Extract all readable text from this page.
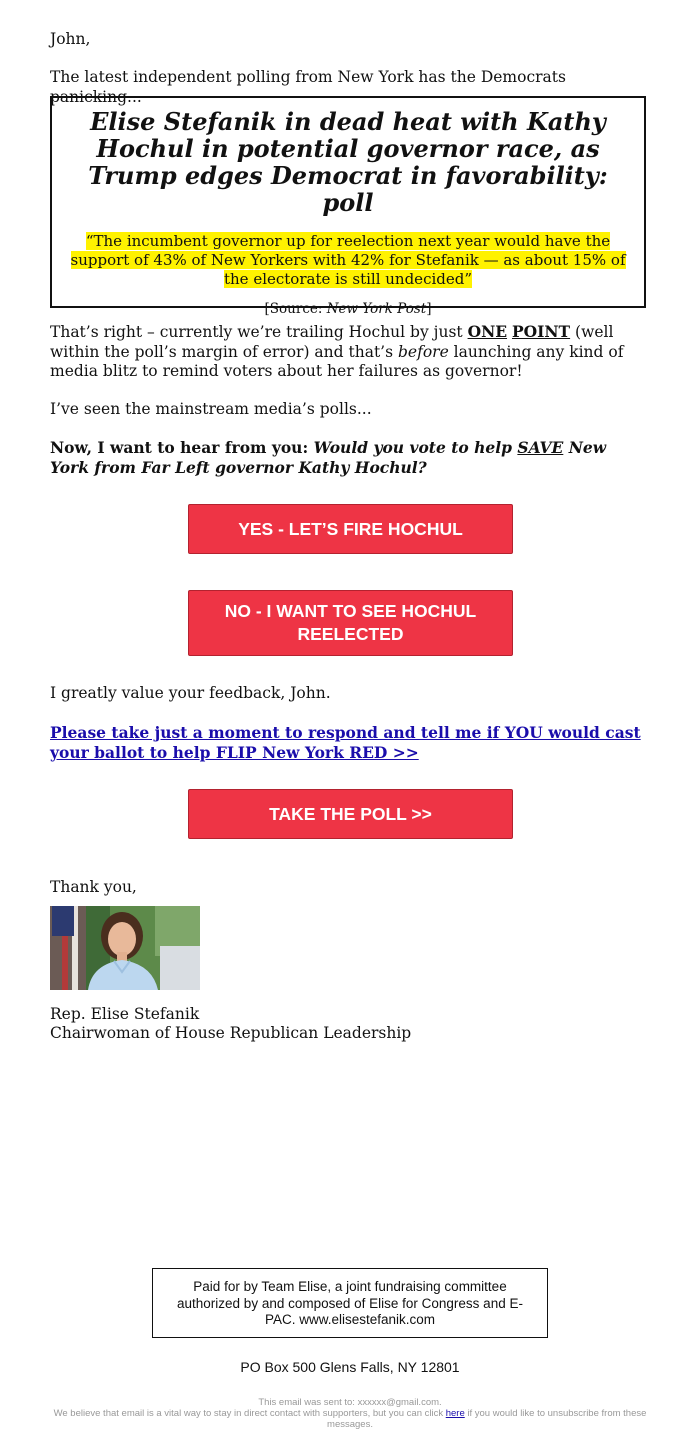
John,

The latest independent polling from New York has the Democrats panicking...

Elise Stefanik in dead heat with Kathy Hochul in potential governor race, as Trump edges Democrat in favorability: poll
“The incumbent governor up for reelection next year would have the support of 43% of New Yorkers with 42% for Stefanik — as about 15% of the electorate is still undecided”
[Source: New York Post]

That’s right – currently we’re trailing Hochul by just ONE POINT (well within the poll’s margin of error) and that’s before launching any kind of media blitz to remind voters about her failures as governor!

I’ve seen the mainstream media’s polls...

Now, I want to hear from you: Would you vote to help SAVE New York from Far Left governor Kathy Hochul?

YES - LET’S FIRE HOCHUL
NO - I WANT TO SEE HOCHUL REELECTED

I greatly value your feedback, John.

Please take just a moment to respond and tell me if YOU would cast your ballot to help FLIP New York RED >>

TAKE THE POLL >>

Thank you,

Rep. Elise Stefanik

Chairwoman of House Republican Leadership

Paid for by Team Elise, a joint fundraising committee authorized by and composed of Elise for Congress and E-PAC. www.elisestefanik.com
PO Box 500 Glens Falls, NY 12801
This email was sent to: xxxxxx@gmail.com.
We believe that email is a vital way to stay in direct contact with supporters, but you can click here if you would like to unsubscribe from these messages.
